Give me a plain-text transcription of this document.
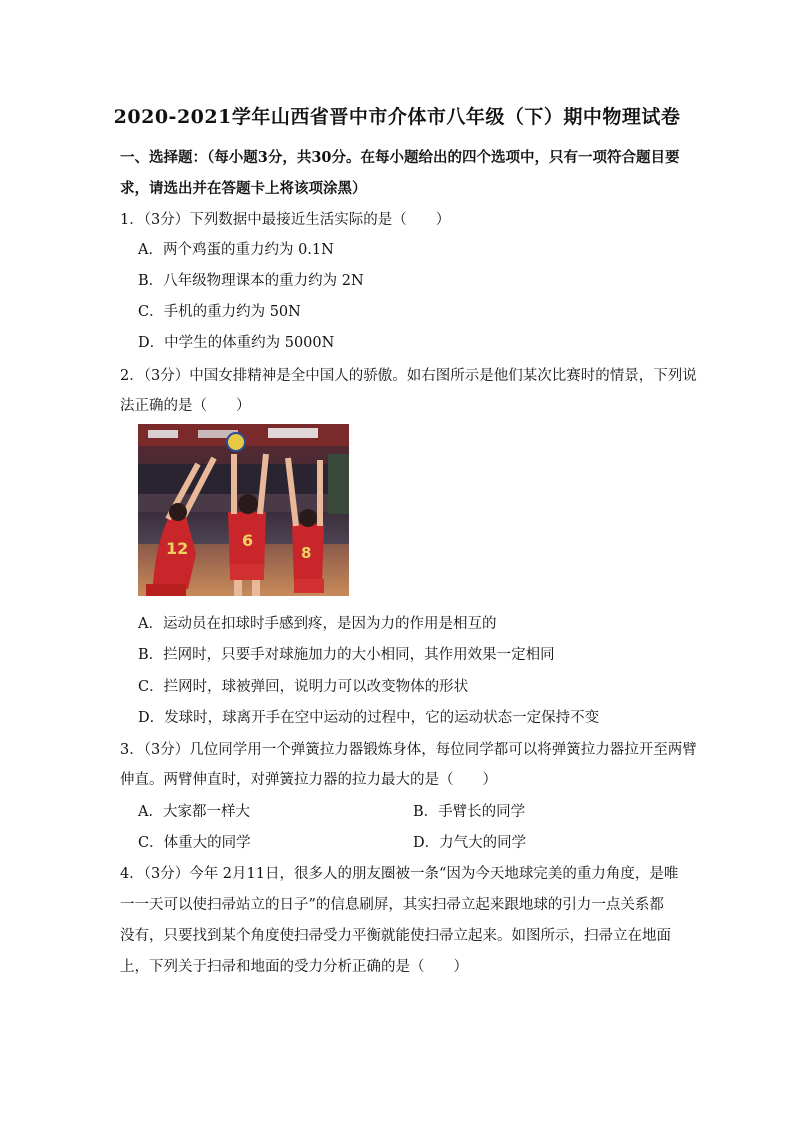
2020-2021学年山西省晋中市介体市八年级（下）期中物理试卷
一、选择题：（每小题3分，共30分。在每小题给出的四个选项中，只有一项符合题目要
求，请选出并在答题卡上将该项涂黑）
1．（3分）下列数据中最接近生活实际的是（　　）
A．两个鸡蛋的重力约为 0.1N
B．八年级物理课本的重力约为 2N
C．手机的重力约为 50N
D．中学生的体重约为 5000N
2．（3分）中国女排精神是全中国人的骄傲。如右图所示是他们某次比赛时的情景，下列说
法正确的是（　　）
12	6
8
A．运动员在扣球时手感到疼，是因为力的作用是相互的
B．拦网时，只要手对球施加力的大小相同，其作用效果一定相同
C．拦网时，球被弹回，说明力可以改变物体的形状
D．发球时，球离开手在空中运动的过程中，它的运动状态一定保持不变
3．（3分）几位同学用一个弹簧拉力器锻炼身体，每位同学都可以将弹簧拉力器拉开至两臂
伸直。两臂伸直时，对弹簧拉力器的拉力最大的是（　　）
A．大家都一样大	B．手臂长的同学
C．体重大的同学	D．力气大的同学
4．（3分）今年 2月11日，很多人的朋友圈被一条“因为今天地球完美的重力角度，是唯
一一天可以使扫帚站立的日子”的信息刷屏，其实扫帚立起来跟地球的引力一点关系都
没有，只要找到某个角度使扫帚受力平衡就能使扫帚立起来。如图所示，扫帚立在地面
上，下列关于扫帚和地面的受力分析正确的是（　　）
